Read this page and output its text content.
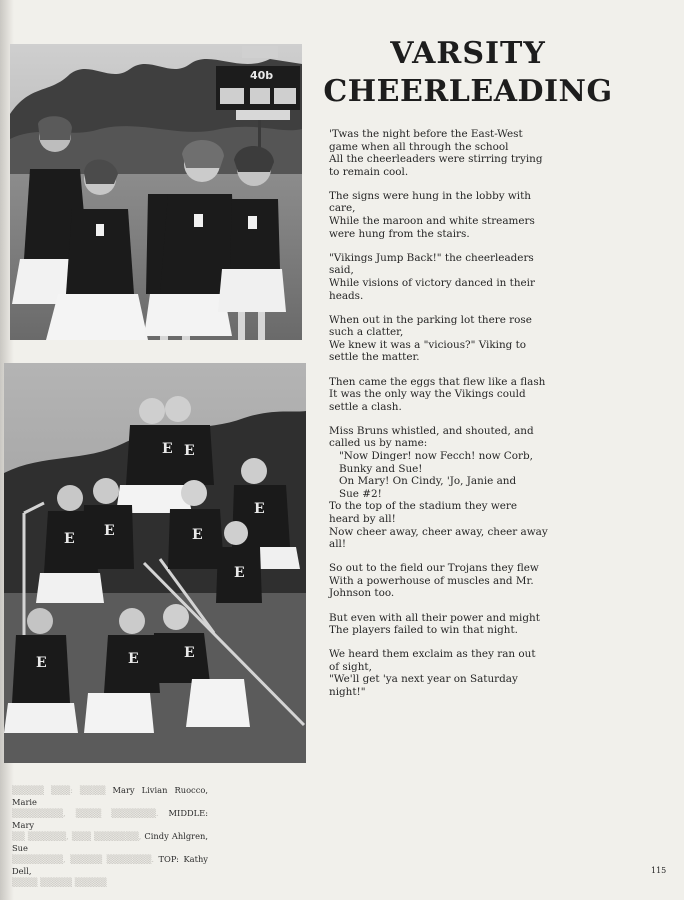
40b
E E
E E	E
E
E
E	E	E
VARSITY
CHEERLEADING
'Twas the night before the East-West
game when all through the school
All the cheerleaders were stirring trying
to remain cool.
The signs were hung in the lobby with
care,
While the maroon and white streamers
were hung from the stairs.
"Vikings Jump Back!" the cheerleaders
said,
While visions of victory danced in their
heads.
When out in the parking lot there rose
such a clatter,
We knew it was a "vicious?" Viking to
settle the matter.
Then came the eggs that flew like a flash
It was the only way the Vikings could
settle a clash.
Miss Bruns whistled, and shouted, and
called us by name:
"Now Dinger! now Fecch! now Corb,
Bunky and Sue!
On Mary! On Cindy, 'Jo, Janie and
Sue #2!
To the top of the stadium they were
heard by all!
Now cheer away, cheer away, cheer away
all!
So out to the field our Trojans they flew
With a powerhouse of muscles and Mr.
Johnson too.
But even with all their power and might
The players failed to win that night.
We heard them exclaim as they ran out
of sight,
"We'll get 'ya next year on Saturday
night!"
▒▒▒▒▒ ▒▒▒: ▒▒▒▒ Mary Livian Ruocco, Marie
▒▒▒▒▒▒▒▒, ▒▒▒▒ ▒▒▒▒▒▒▒. MIDDLE: Mary
▒▒ ▒▒▒▒▒▒, ▒▒▒ ▒▒▒▒▒▒▒, Cindy Ahlgren, Sue
▒▒▒▒▒▒▒▒, ▒▒▒▒▒ ▒▒▒▒▒▒▒. TOP: Kathy Dell,
▒▒▒▒ ▒▒▒▒▒ ▒▒▒▒▒
115
